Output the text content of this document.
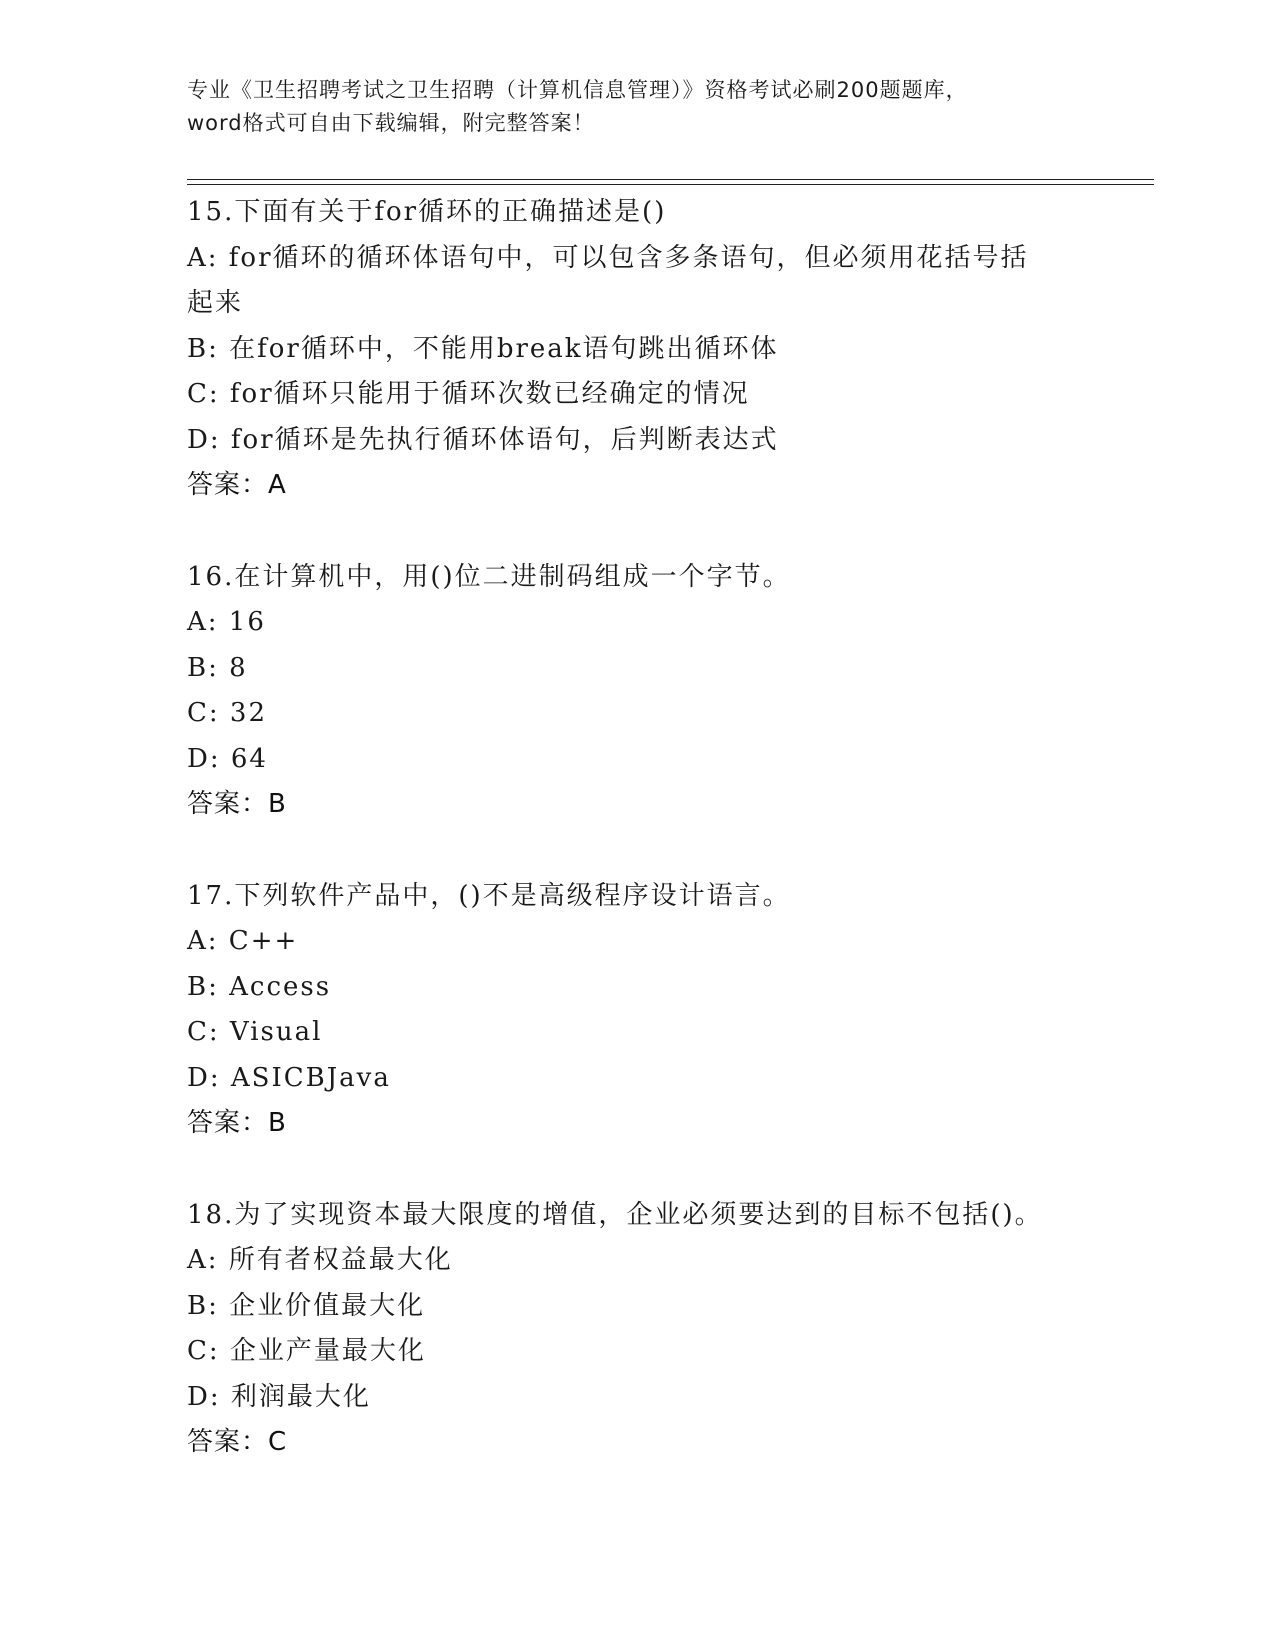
专业《卫生招聘考试之卫生招聘（计算机信息管理）》资格考试必刷200题题库，
word格式可自由下载编辑，附完整答案！
15.下面有关于for循环的正确描述是()
A: for循环的循环体语句中，可以包含多条语句，但必须用花括号括
起来
B: 在for循环中，不能用break语句跳出循环体
C: for循环只能用于循环次数已经确定的情况
D: for循环是先执行循环体语句，后判断表达式
答案：A
16.在计算机中，用()位二进制码组成一个字节。
A: 16
B: 8
C: 32
D: 64
答案：B
17.下列软件产品中，()不是高级程序设计语言。
A: C++
B: Access
C: Visual
D: ASICBJava
答案：B
18.为了实现资本最大限度的增值，企业必须要达到的目标不包括()。
A: 所有者权益最大化
B: 企业价值最大化
C: 企业产量最大化
D: 利润最大化
答案：C
